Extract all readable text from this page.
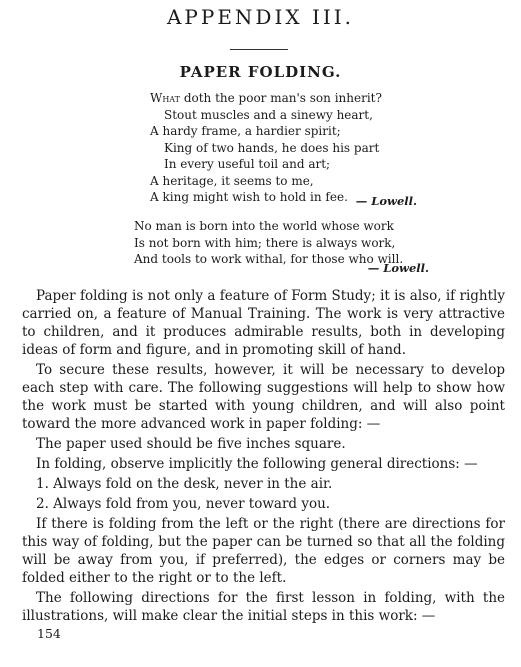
APPENDIX III.
PAPER FOLDING.
What doth the poor man's son inherit?
Stout muscles and a sinewy heart,
A hardy frame, a hardier spirit;
King of two hands, he does his part
In every useful toil and art;
A heritage, it seems to me,
A king might wish to hold in fee. — Lowell.
No man is born into the world whose work
Is not born with him; there is always work,
And tools to work withal, for those who will.
— Lowell.

Paper folding is not only a feature of Form Study; it is also, if rightly carried on, a feature of Manual Training. The work is very attractive to children, and it produces admirable results, both in developing ideas of form and figure, and in promoting skill of hand.

To secure these results, however, it will be necessary to develop each step with care. The following suggestions will help to show how the work must be started with young children, and will also point toward the more advanced work in paper folding: —

The paper used should be five inches square.

In folding, observe implicitly the following general directions: —

1. Always fold on the desk, never in the air.

2. Always fold from you, never toward you.

If there is folding from the left or the right (there are directions for this way of folding, but the paper can be turned so that all the folding will be away from you, if preferred), the edges or corners may be folded either to the right or to the left.

The following directions for the first lesson in folding, with the illustrations, will make clear the initial steps in this work: —

154
